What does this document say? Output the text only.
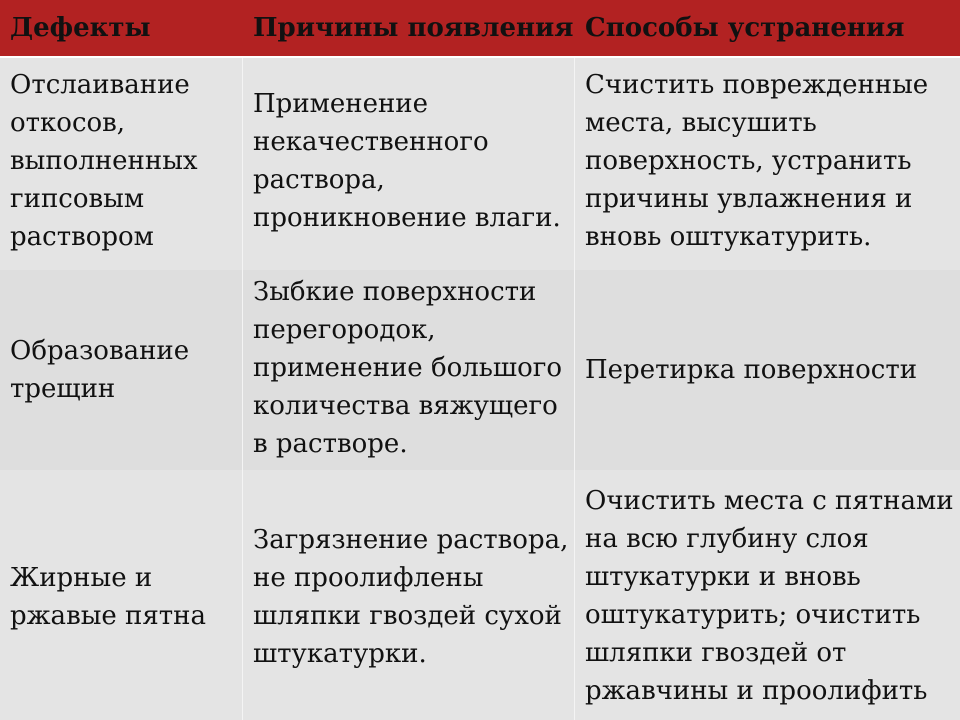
Дефекты	Причины появления Способы устранения
Отслаивание
откосов,
выполненных
гипсовым
раствором
Применение
некачественного
раствора,
проникновение влаги.
Счистить поврежденные
места, высушить
поверхность, устранить
причины увлажнения и
вновь оштукатурить.
Образование
трещин
Зыбкие поверхности
перегородок,
применение большого
количества вяжущего
в растворе.
Перетирка поверхности
Жирные и
ржавые пятна
Загрязнение раствора,
не проолифлены
шляпки гвоздей сухой
штукатурки.
Очистить места с пятнами
на всю глубину слоя
штукатурки и вновь
оштукатурить; очистить
шляпки гвоздей от
ржавчины и проолифить
